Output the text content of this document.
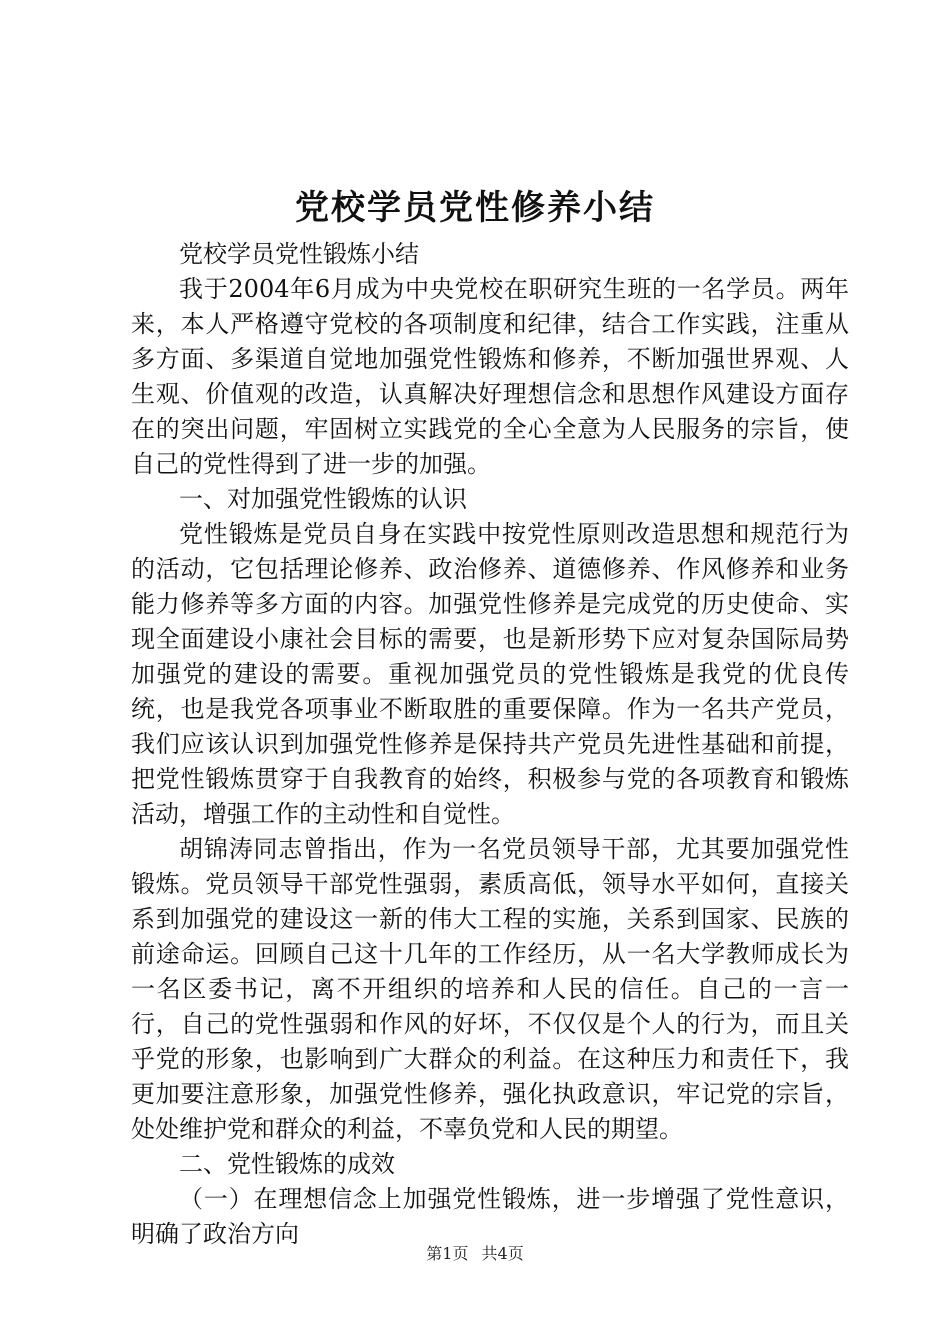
党校学员党性修养小结

党校学员党性锻炼小结

我于2004年6月成为中央党校在职研究生班的一名学员。两年来，本人严格遵守党校的各项制度和纪律，结合工作实践，注重从多方面、多渠道自觉地加强党性锻炼和修养，不断加强世界观、人生观、价值观的改造，认真解决好理想信念和思想作风建设方面存在的突出问题，牢固树立实践党的全心全意为人民服务的宗旨，使自己的党性得到了进一步的加强。

一、对加强党性锻炼的认识

党性锻炼是党员自身在实践中按党性原则改造思想和规范行为的活动，它包括理论修养、政治修养、道德修养、作风修养和业务能力修养等多方面的内容。加强党性修养是完成党的历史使命、实现全面建设小康社会目标的需要，也是新形势下应对复杂国际局势加强党的建设的需要。重视加强党员的党性锻炼是我党的优良传统，也是我党各项事业不断取胜的重要保障。作为一名共产党员，我们应该认识到加强党性修养是保持共产党员先进性基础和前提，把党性锻炼贯穿于自我教育的始终，积极参与党的各项教育和锻炼活动，增强工作的主动性和自觉性。

胡锦涛同志曾指出，作为一名党员领导干部，尤其要加强党性锻炼。党员领导干部党性强弱，素质高低，领导水平如何，直接关系到加强党的建设这一新的伟大工程的实施，关系到国家、民族的前途命运。回顾自己这十几年的工作经历，从一名大学教师成长为一名区委书记，离不开组织的培养和人民的信任。自己的一言一行，自己的党性强弱和作风的好坏，不仅仅是个人的行为，而且关乎党的形象，也影响到广大群众的利益。在这种压力和责任下，我更加要注意形象，加强党性修养，强化执政意识，牢记党的宗旨，处处维护党和群众的利益，不辜负党和人民的期望。

二、党性锻炼的成效

（一）在理想信念上加强党性锻炼，进一步增强了党性意识，明确了政治方向

第1页 共4页
